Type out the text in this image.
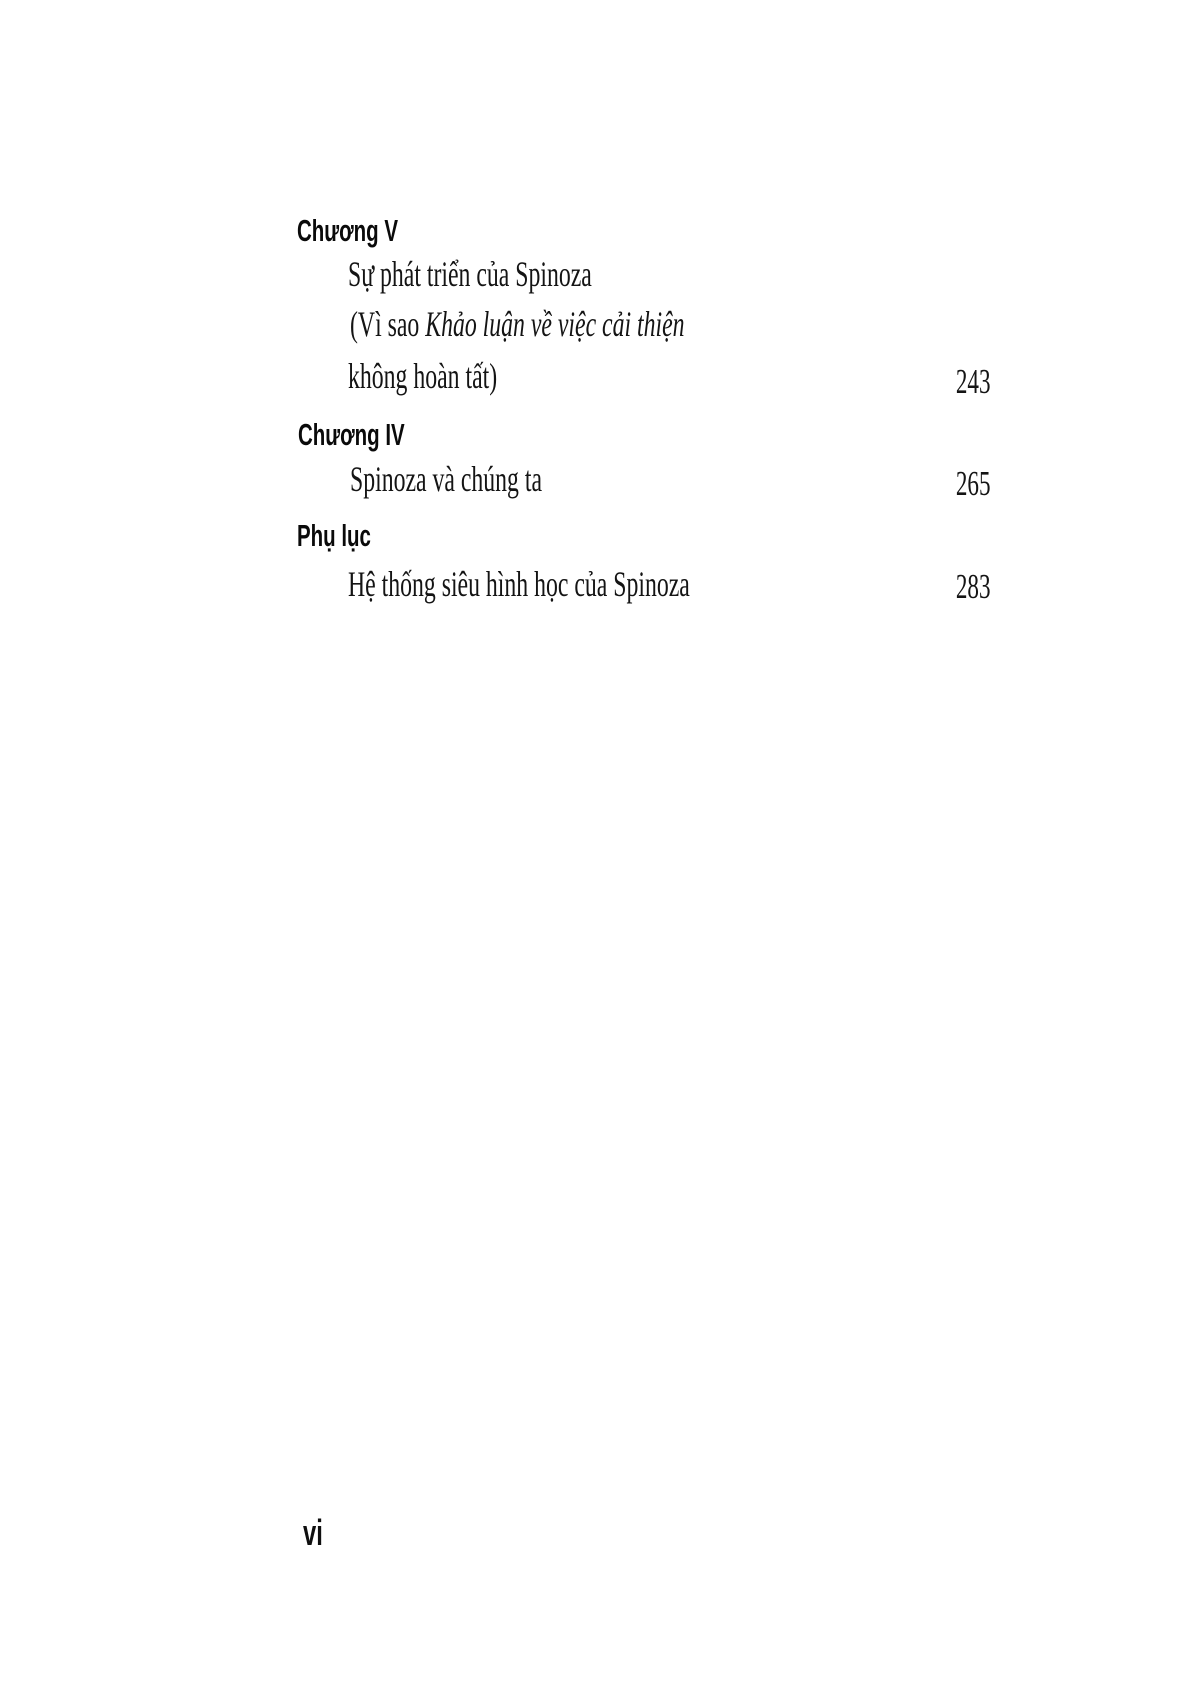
Chương V
Sự phát triển của Spinoza
(Vì sao Khảo luận về việc cải thiện
không hoàn tất)	243
Chương IV
Spinoza và chúng ta	265
Phụ lục
Hệ thống siêu hình học của Spinoza	283
vi
